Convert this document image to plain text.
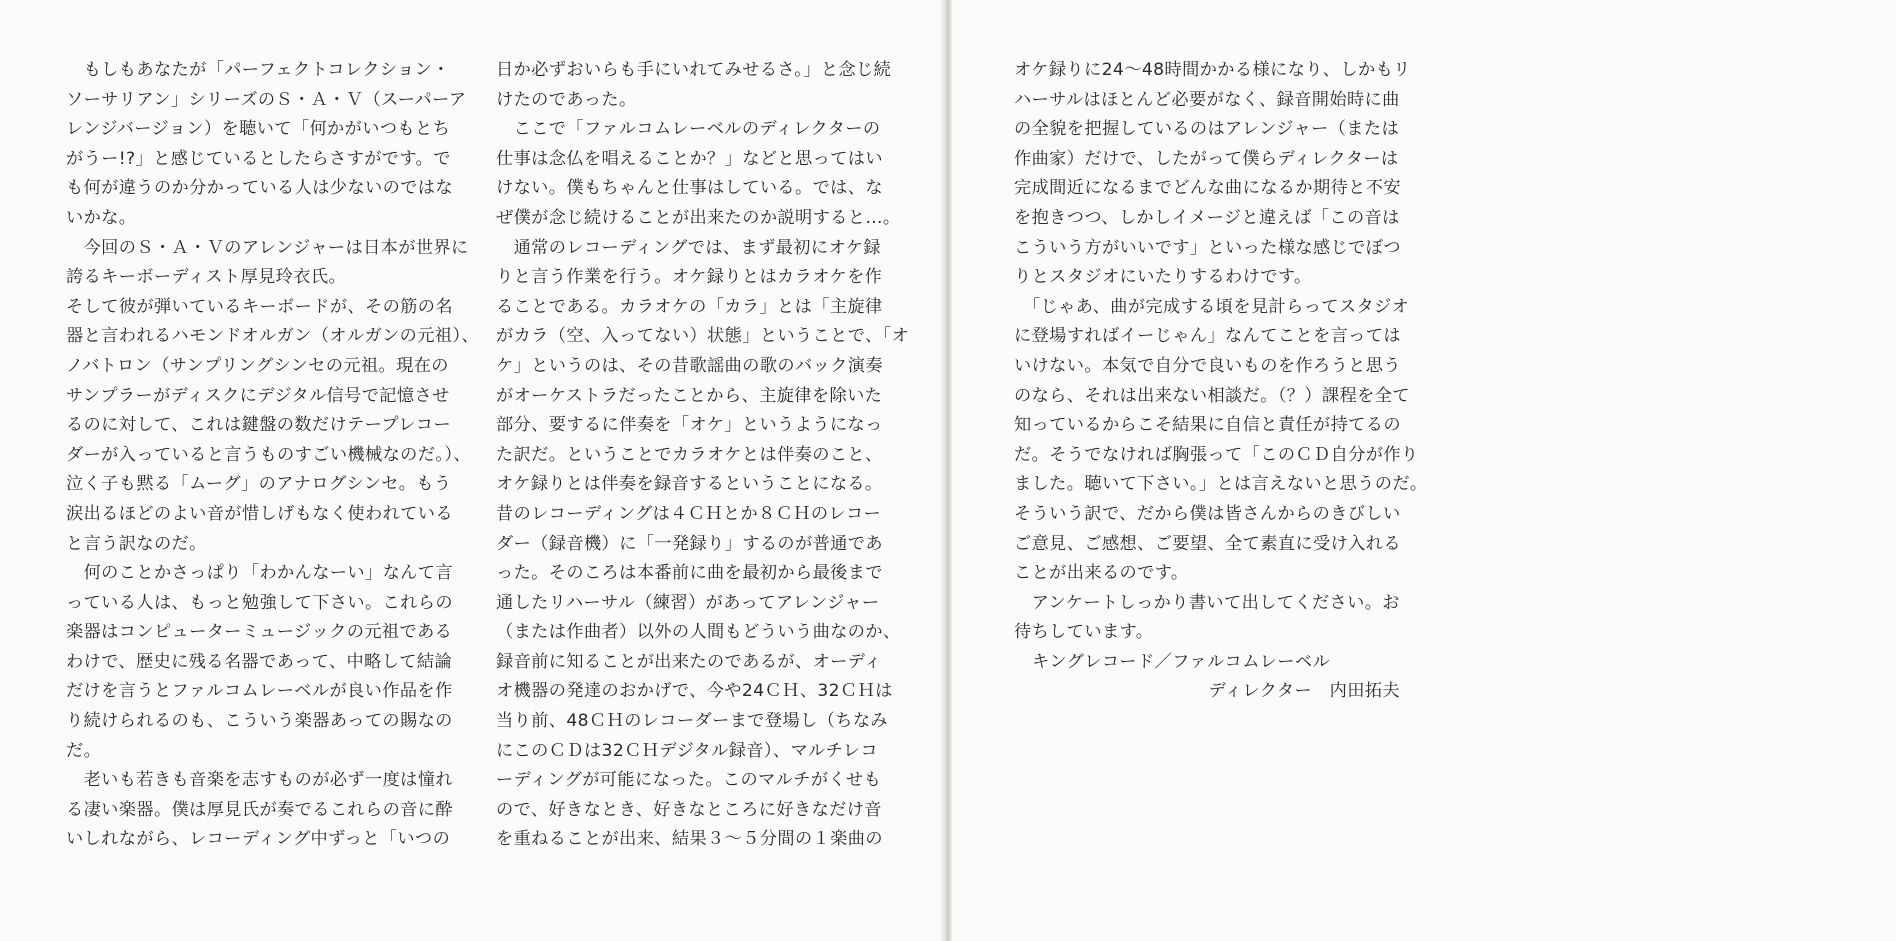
　もしもあなたが「パーフェクトコレクション・
ソーサリアン」シリーズのＳ・Ａ・Ｖ（スーパーア
レンジバージョン）を聴いて「何かがいつもとち
がうー!?」と感じているとしたらさすがです。で
も何が違うのか分かっている人は少ないのではな
いかな。
　今回のＳ・Ａ・Ｖのアレンジャーは日本が世界に
誇るキーボーディスト厚見玲衣氏。
そして彼が弾いているキーボードが、その筋の名
器と言われるハモンドオルガン（オルガンの元祖）、
ノバトロン（サンプリングシンセの元祖。現在の
サンプラーがディスクにデジタル信号で記憶させ
るのに対して、これは鍵盤の数だけテープレコー
ダーが入っていると言うものすごい機械なのだ。）、
泣く子も黙る「ムーグ」のアナログシンセ。もう
涙出るほどのよい音が惜しげもなく使われている
と言う訳なのだ。
　何のことかさっぱり「わかんなーい」なんて言
っている人は、もっと勉強して下さい。これらの
楽器はコンピューターミュージックの元祖である
わけで、歴史に残る名器であって、中略して結論
だけを言うとファルコムレーベルが良い作品を作
り続けられるのも、こういう楽器あっての賜なの
だ。
　老いも若きも音楽を志すものが必ず一度は憧れ
る凄い楽器。僕は厚見氏が奏でるこれらの音に酔
いしれながら、レコーディング中ずっと「いつの
日か必ずおいらも手にいれてみせるさ。」と念じ続
けたのであった。
　ここで「ファルコムレーベルのディレクターの
仕事は念仏を唱えることか？」などと思ってはい
けない。僕もちゃんと仕事はしている。では、な
ぜ僕が念じ続けることが出来たのか説明すると…。
　通常のレコーディングでは、まず最初にオケ録
りと言う作業を行う。オケ録りとはカラオケを作
ることである。カラオケの「カラ」とは「主旋律
がカラ（空、入ってない）状態」ということで、「オ
ケ」というのは、その昔歌謡曲の歌のバック演奏
がオーケストラだったことから、主旋律を除いた
部分、要するに伴奏を「オケ」というようになっ
た訳だ。ということでカラオケとは伴奏のこと、
オケ録りとは伴奏を録音するということになる。
昔のレコーディングは４ＣＨとか８ＣＨのレコー
ダー（録音機）に「一発録り」するのが普通であ
った。そのころは本番前に曲を最初から最後まで
通したリハーサル（練習）があってアレンジャー
（または作曲者）以外の人間もどういう曲なのか、
録音前に知ることが出来たのであるが、オーディ
オ機器の発達のおかげで、今や24ＣＨ、32ＣＨは
当り前、48ＣＨのレコーダーまで登場し（ちなみ
にこのＣＤは32ＣＨデジタル録音）、マルチレコ
ーディングが可能になった。このマルチがくせも
ので、好きなとき、好きなところに好きなだけ音
を重ねることが出来、結果３～５分間の１楽曲の
オケ録りに24～48時間かかる様になり、しかもリ
ハーサルはほとんど必要がなく、録音開始時に曲
の全貌を把握しているのはアレンジャー（または
作曲家）だけで、したがって僕らディレクターは
完成間近になるまでどんな曲になるか期待と不安
を抱きつつ、しかしイメージと違えば「この音は
こういう方がいいです」といった様な感じでぼつ
りとスタジオにいたりするわけです。
　「じゃあ、曲が完成する頃を見計らってスタジオ
に登場すればイーじゃん」なんてことを言っては
いけない。本気で自分で良いものを作ろうと思う
のなら、それは出来ない相談だ。（？）課程を全て
知っているからこそ結果に自信と責任が持てるの
だ。そうでなければ胸張って「このＣＤ自分が作り
ました。聴いて下さい。」とは言えないと思うのだ。
そういう訳で、だから僕は皆さんからのきびしい
ご意見、ご感想、ご要望、全て素直に受け入れる
ことが出来るのです。
　アンケートしっかり書いて出してください。お
待ちしています。
キングレコード／ファルコムレーベル
ディレクター　内田拓夫
